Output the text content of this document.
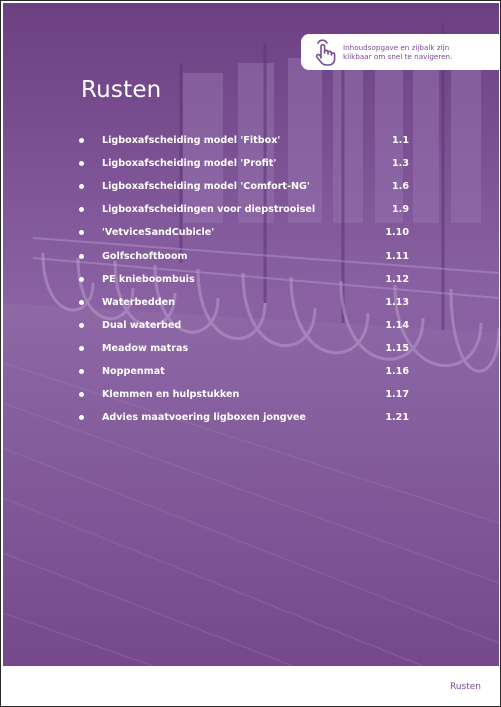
Inhoudsopgave en zijbalk zijn
klikbaar om snel te navigeren.
Rusten
Ligboxafscheiding model 'Fitbox'	1.1
Ligboxafscheiding model 'Profit'	1.3
Ligboxafscheiding model 'Comfort-NG'	1.6
Ligboxafscheidingen voor diepstrooisel	1.9
'VetviceSandCubicle'	1.10
Golfschoftboom	1.11
PE knieboombuis	1.12
Waterbedden	1.13
Dual waterbed	1.14
Meadow matras	1.15
Noppenmat	1.16
Klemmen en hulpstukken	1.17
Advies maatvoering ligboxen jongvee	1.21
Rusten
